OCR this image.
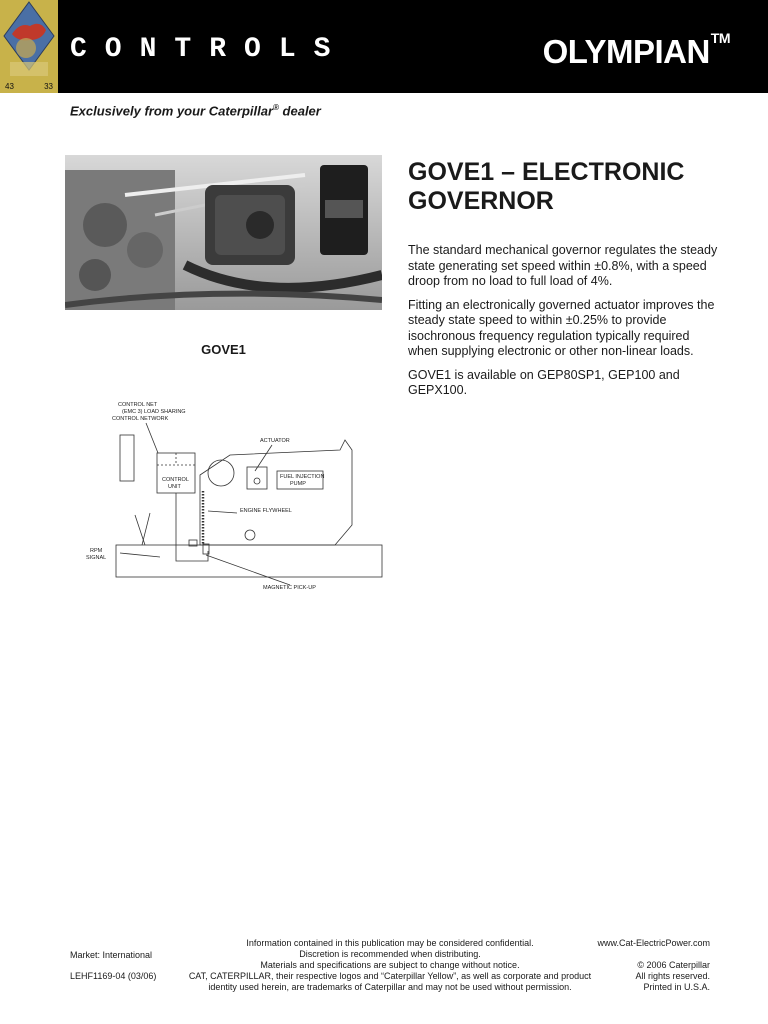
43	33
CONTROLS	OLYMPIAN™
Exclusively from your Caterpillar® dealer
GOVE1
CONTROL NET
(EMC 3) LOAD SHARING
CONTROL NETWORK
ACTUATOR
CONTROL
UNIT
FUEL INJECTION
PUMP
ENGINE FLYWHEEL
RPM
SIGNAL
MAGNETIC PICK-UP
GOVE1 – ELECTRONIC GOVERNOR

The standard mechanical governor regulates the steady state generating set speed within ±0.8%, with a speed droop from no load to full load of 4%.

Fitting an electronically governed actuator improves the steady state speed to within ±0.25% to provide isochronous frequency regulation typically required when supplying electronic or other non-linear loads.

GOVE1 is available on GEP80SP1, GEP100 and GEPX100.

Market: International
LEHF1169-04 (03/06)
Information contained in this publication may be considered confidential.
Discretion is recommended when distributing.
Materials and specifications are subject to change without notice.
CAT, CATERPILLAR, their respective logos and “Caterpillar Yellow”, as well as corporate and product
identity used herein, are trademarks of Caterpillar and may not be used without permission.
www.Cat-ElectricPower.com

© 2006 Caterpillar
All rights reserved.
Printed in U.S.A.
